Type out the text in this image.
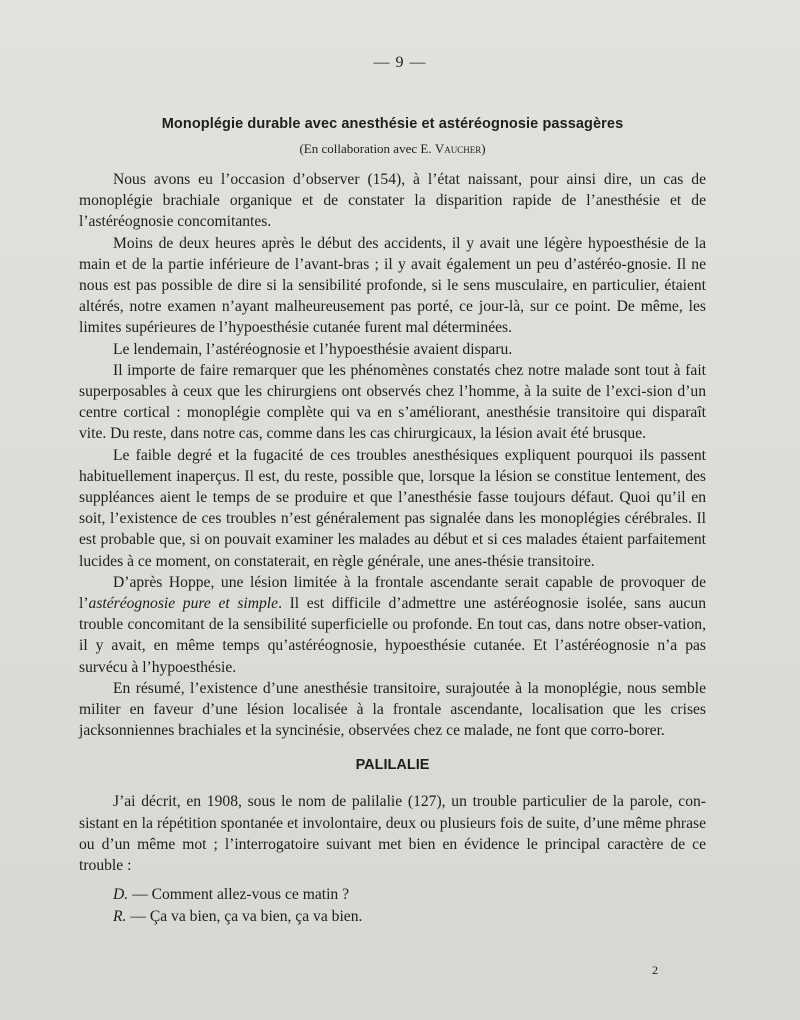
— 9 —
Monoplégie durable avec anesthésie et astéréognosie passagères
(En collaboration avec E. Vaucher)

Nous avons eu l’occasion d’observer (154), à l’état naissant, pour ainsi dire, un cas de monoplégie brachiale organique et de constater la disparition rapide de l’anesthésie et de l’astéréognosie concomitantes.

Moins de deux heures après le début des accidents, il y avait une légère hypoesthésie de la main et de la partie inférieure de l’avant-bras ; il y avait également un peu d’astéréo-gnosie. Il ne nous est pas possible de dire si la sensibilité profonde, si le sens musculaire, en particulier, étaient altérés, notre examen n’ayant malheureusement pas porté, ce jour-là, sur ce point. De même, les limites supérieures de l’hypoesthésie cutanée furent mal déterminées.

Le lendemain, l’astéréognosie et l’hypoesthésie avaient disparu.

Il importe de faire remarquer que les phénomènes constatés chez notre malade sont tout à fait superposables à ceux que les chirurgiens ont observés chez l’homme, à la suite de l’exci-sion d’un centre cortical : monoplégie complète qui va en s’améliorant, anesthésie transitoire qui disparaît vite. Du reste, dans notre cas, comme dans les cas chirurgicaux, la lésion avait été brusque.

Le faible degré et la fugacité de ces troubles anesthésiques expliquent pourquoi ils passent habituellement inaperçus. Il est, du reste, possible que, lorsque la lésion se constitue lentement, des suppléances aient le temps de se produire et que l’anesthésie fasse toujours défaut. Quoi qu’il en soit, l’existence de ces troubles n’est généralement pas signalée dans les monoplégies cérébrales. Il est probable que, si on pouvait examiner les malades au début et si ces malades étaient parfaitement lucides à ce moment, on constaterait, en règle générale, une anes-thésie transitoire.

D’après Hoppe, une lésion limitée à la frontale ascendante serait capable de provoquer de l’astéréognosie pure et simple. Il est difficile d’admettre une astéréognosie isolée, sans aucun trouble concomitant de la sensibilité superficielle ou profonde. En tout cas, dans notre obser-vation, il y avait, en même temps qu’astéréognosie, hypoesthésie cutanée. Et l’astéréognosie n’a pas survécu à l’hypoesthésie.

En résumé, l’existence d’une anesthésie transitoire, surajoutée à la monoplégie, nous semble militer en faveur d’une lésion localisée à la frontale ascendante, localisation que les crises jacksonniennes brachiales et la syncinésie, observées chez ce malade, ne font que corro-borer.

PALILALIE

J’ai décrit, en 1908, sous le nom de palilalie (127), un trouble particulier de la parole, con-sistant en la répétition spontanée et involontaire, deux ou plusieurs fois de suite, d’une même phrase ou d’un même mot ; l’interrogatoire suivant met bien en évidence le principal caractère de ce trouble :

D. — Comment allez-vous ce matin ?
R. — Ça va bien, ça va bien, ça va bien.
2
